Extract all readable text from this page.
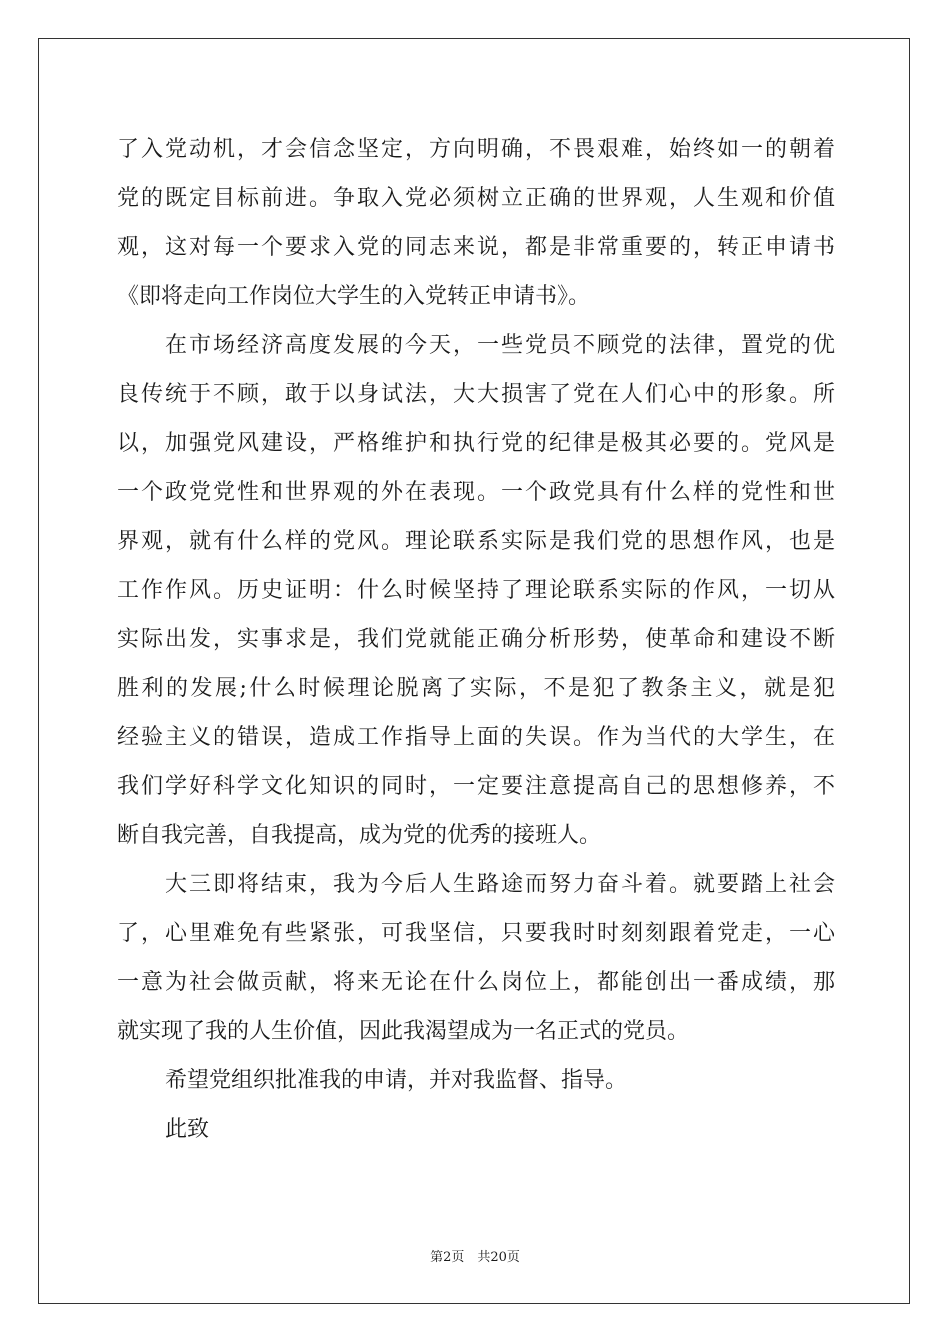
了入党动机，才会信念坚定，方向明确，不畏艰难，始终如一的朝着
党的既定目标前进。争取入党必须树立正确的世界观，人生观和价值
观，这对每一个要求入党的同志来说，都是非常重要的，转正申请书
《即将走向工作岗位大学生的入党转正申请书》。
在市场经济高度发展的今天，一些党员不顾党的法律，置党的优
良传统于不顾，敢于以身试法，大大损害了党在人们心中的形象。所
以，加强党风建设，严格维护和执行党的纪律是极其必要的。党风是
一个政党党性和世界观的外在表现。一个政党具有什么样的党性和世
界观，就有什么样的党风。理论联系实际是我们党的思想作风，也是
工作作风。历史证明：什么时候坚持了理论联系实际的作风，一切从
实际出发，实事求是，我们党就能正确分析形势，使革命和建设不断
胜利的发展;什么时候理论脱离了实际，不是犯了教条主义，就是犯
经验主义的错误，造成工作指导上面的失误。作为当代的大学生，在
我们学好科学文化知识的同时，一定要注意提高自己的思想修养，不
断自我完善，自我提高，成为党的优秀的接班人。
大三即将结束，我为今后人生路途而努力奋斗着。就要踏上社会
了，心里难免有些紧张，可我坚信，只要我时时刻刻跟着党走，一心
一意为社会做贡献，将来无论在什么岗位上，都能创出一番成绩，那
就实现了我的人生价值，因此我渴望成为一名正式的党员。
希望党组织批准我的申请，并对我监督、指导。
此致
第2页　共20页
